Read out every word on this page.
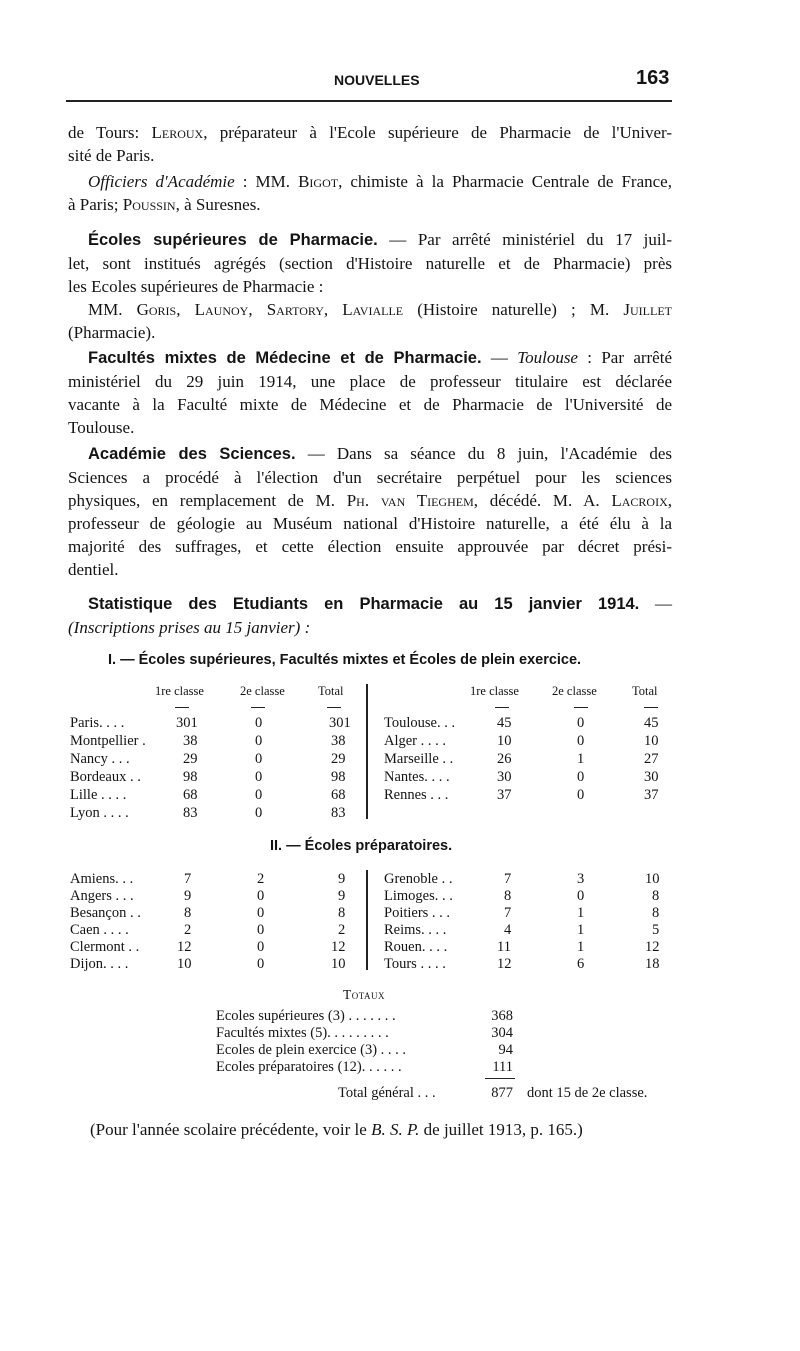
NOUVELLES	163
de Tours: Leroux, préparateur à l'Ecole supérieure de Pharmacie de l'Univer-
sité de Paris.
Officiers d'Académie : MM. Bigot, chimiste à la Pharmacie Centrale de France,
à Paris; Poussin, à Suresnes.
Écoles supérieures de Pharmacie. — Par arrêté ministériel du 17 juil-
let, sont institués agrégés (section d'Histoire naturelle et de Pharmacie) près
les Ecoles supérieures de Pharmacie :
MM. Goris, Launoy, Sartory, Lavialle (Histoire naturelle) ; M. Juillet
(Pharmacie).
Facultés mixtes de Médecine et de Pharmacie. — Toulouse : Par arrêté
ministériel du 29 juin 1914, une place de professeur titulaire est déclarée
vacante à la Faculté mixte de Médecine et de Pharmacie de l'Université de
Toulouse.
Académie des Sciences. — Dans sa séance du 8 juin, l'Académie des
Sciences a procédé à l'élection d'un secrétaire perpétuel pour les sciences
physiques, en remplacement de M. Ph. van Tieghem, décédé. M. A. Lacroix,
professeur de géologie au Muséum national d'Histoire naturelle, a été élu à la
majorité des suffrages, et cette élection ensuite approuvée par décret prési-
dentiel.
Statistique des Etudiants en Pharmacie au 15 janvier 1914. —
(Inscriptions prises au 15 janvier) :
I. — Écoles supérieures, Facultés mixtes et Écoles de plein exercice.
1re classe	2e classe	Total	1re classe	2e classe	Total
Paris. . . .	301	0	301
Montpellier .	38	0	38
Nancy . . .	29	0	29
Bordeaux . .	98	0	98
Lille . . . .	68	0	68
Lyon . . . .	83	0	83
Toulouse. . .	45	0	45
Alger . . . .	10	0	10
Marseille . .	26	1	27
Nantes. . . .	30	0	30
Rennes . . .	37	0	37
II. — Écoles préparatoires.
Amiens. . .	7	2	9
Angers . . .	9	0	9
Besançon . .	8	0	8
Caen . . . .	2	0	2
Clermont . .	12	0	12
Dijon. . . .	10	0	10
Grenoble . .	7	3	10
Limoges. . .	8	0	8
Poitiers . . .	7	1	8
Reims. . . .	4	1	5
Rouen. . . .	11	1	12
Tours . . . .	12	6	18
Totaux
Ecoles supérieures (3) . . . . . . .	368
Facultés mixtes (5). . . . . . . . .	304
Ecoles de plein exercice (3) . . . .	94
Ecoles préparatoires (12). . . . . .	111
Total général . . .	877 dont 15 de 2e classe.
(Pour l'année scolaire précédente, voir le B. S. P. de juillet 1913, p. 165.)
